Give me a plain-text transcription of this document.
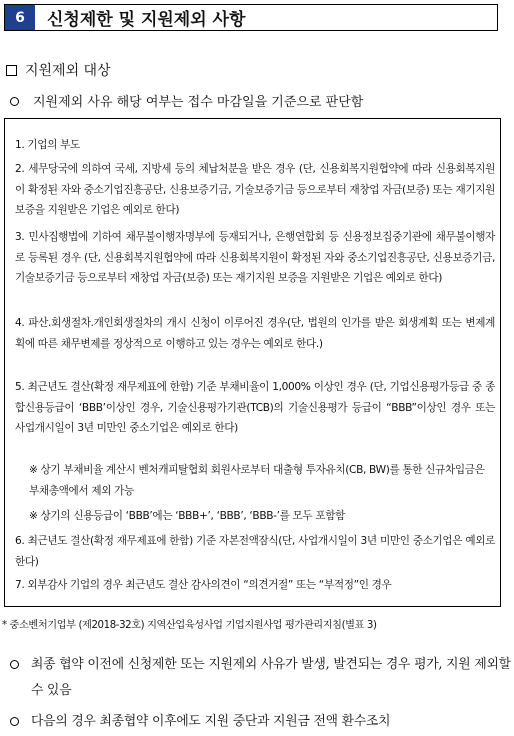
6	신청제한 및 지원제외 사항
지원제외 대상
지원제외 사유 해당 여부는 접수 마감일을 기준으로 판단함
1. 기업의 부도
2. 세무당국에 의하여 국세, 지방세 등의 체납처분을 받은 경우 (단, 신용회복지원협약에 따라 신용회복지원이 확정된 자와 중소기업진흥공단, 신용보증기금, 기술보증기금 등으로부터 재창업 자금(보증) 또는 재기지원 보증을 지원받은 기업은 예외로 한다)
3. 민사집행법에 기하여 채무불이행자명부에 등재되거나, 은행연합회 등 신용정보집중기관에 채무불이행자로 등록된 경우 (단, 신용회복지원협약에 따라 신용회복지원이 확정된 자와 중소기업진흥공단, 신용보증기금, 기술보증기금 등으로부터 재창업 자금(보증) 또는 재기지원 보증을 지원받은 기업은 예외로 한다)
4. 파산.회생절차.개인회생절차의 개시 신청이 이루어진 경우(단, 법원의 인가를 받은 회생계획 또는 변제계획에 따른 채무변제를 정상적으로 이행하고 있는 경우는 예외로 한다.)
5. 최근년도 결산(확정 재무제표에 한함) 기준 부채비율이 1,000% 이상인 경우 (단, 기업신용평가등급 중 종합신용등급이 ‘BBB’이상인 경우, 기술신용평가기관(TCB)의 기술신용평가 등급이 “BBB”이상인 경우 또는 사업개시일이 3년 미만인 중소기업은 예외로 한다)
※ 상기 부채비율 계산시 벤처캐피탈협회 회원사로부터 대출형 투자유치(CB, BW)를 통한 신규차입금은 부채총액에서 제외 가능
※ 상기의 신용등급이 ‘BBB’에는 ‘BBB+’, ‘BBB’, ‘BBB-’를 모두 포함함
6. 최근년도 결산(확정 재무제표에 한함) 기준 자본전액잠식(단, 사업개시일이 3년 미만인 중소기업은 예외로 한다)
7. 외부감사 기업의 경우 최근년도 결산 감사의견이 “의견거절” 또는 “부적정”인 경우
* 중소벤처기업부 (제2018-32호) 지역산업육성사업 기업지원사업 평가관리지침(별표 3)
최종 협약 이전에 신청제한 또는 지원제외 사유가 발생, 발견되는 경우 평가, 지원 제외할 수 있음
다음의 경우 최종협약 이후에도 지원 중단과 지원금 전액 환수조치
